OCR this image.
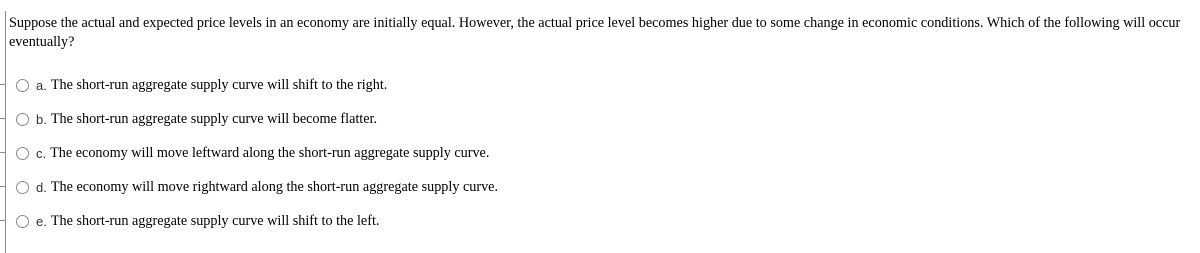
Suppose the actual and expected price levels in an economy are initially equal. However, the actual price level becomes higher due to some change in economic conditions. Which of the following will occur eventually?

a. The short-run aggregate supply curve will shift to the right.
b. The short-run aggregate supply curve will become flatter.
c. The economy will move leftward along the short-run aggregate supply curve.
d. The economy will move rightward along the short-run aggregate supply curve.
e. The short-run aggregate supply curve will shift to the left.
